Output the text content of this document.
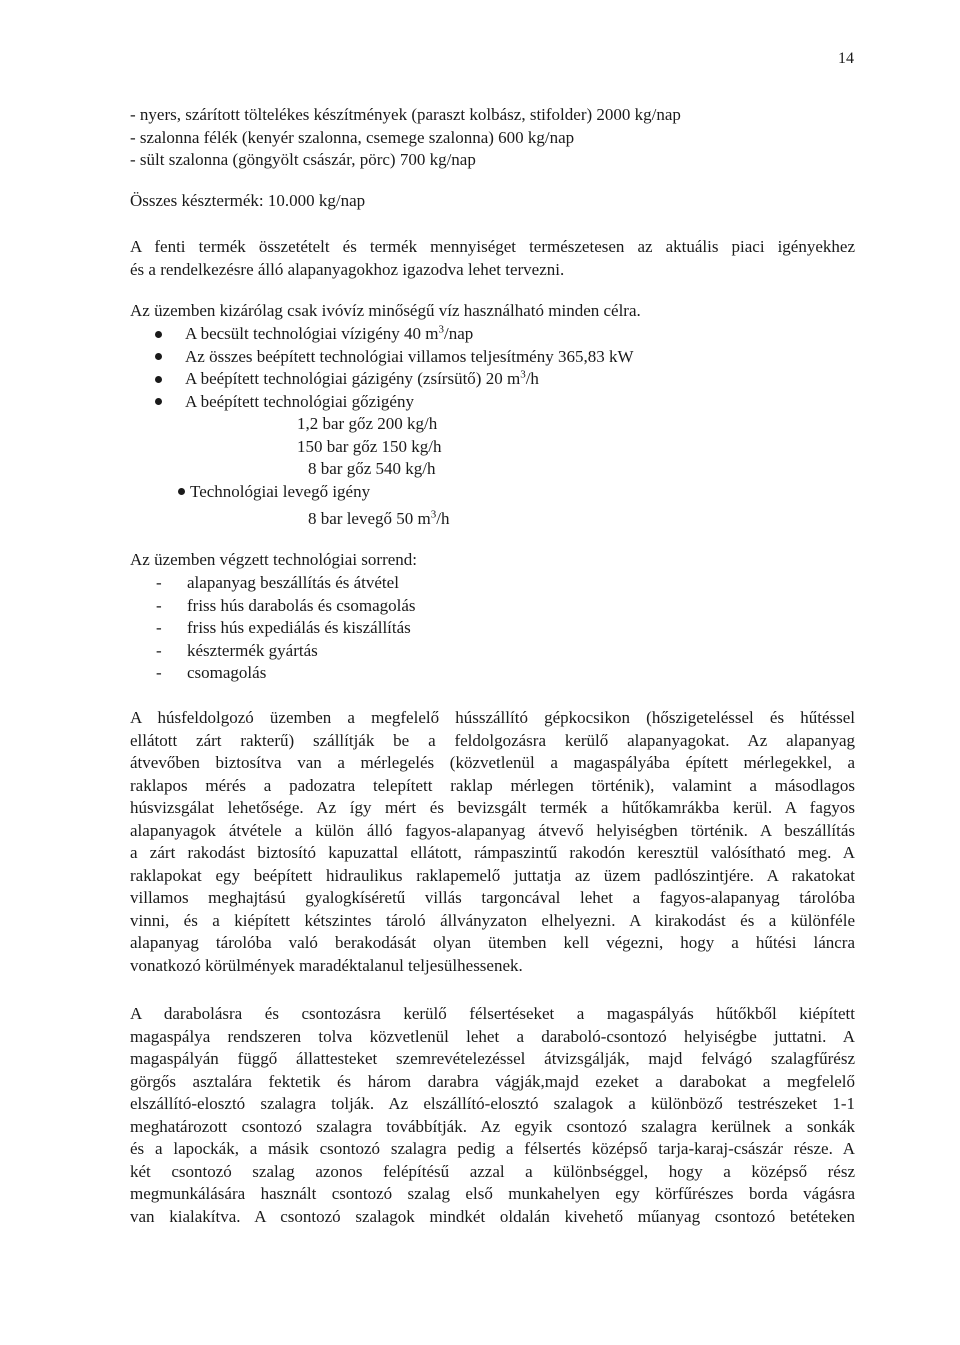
14
- nyers, szárított töltelékes készítmények (paraszt kolbász, stifolder) 2000 kg/nap
- szalonna félék (kenyér szalonna, csemege szalonna) 600 kg/nap
- sült szalonna (göngyölt császár, pörc) 700 kg/nap
Összes késztermék: 10.000 kg/nap
A fenti termék összetételt és termék mennyiséget természetesen az aktuális piaci igényekhez
és a rendelkezésre álló alapanyagokhoz igazodva lehet tervezni.
Az üzemben kizárólag csak ivóvíz minőségű víz használható minden célra.
A becsült technológiai vízigény 40 $m^3$/nap
Az összes beépített technológiai villamos teljesítmény 365,83 kW
A beépített technológiai gázigény (zsírsütő) 20 $m^3/h$
A beépített technológiai gőzigény
1,2 bar gőz 200 kg/h
150 bar gőz 150 kg/h
8 bar gőz 540 kg/h
Technológiai levegő igény
8 bar levegő 50 $m^3/h$
Az üzemben végzett technológiai sorrend:
- alapanyag beszállítás és átvétel
- friss hús darabolás és csomagolás
- friss hús expediálás és kiszállítás
- késztermék gyártás
- csomagolás
A húsfeldolgozó üzemben a megfelelő hússzállító gépkocsikon (hőszigeteléssel és hűtéssel
ellátott zárt rakterű) szállítják be a feldolgozásra kerülő alapanyagokat. Az alapanyag
átvevőben biztosítva van a mérlegelés (közvetlenül a magaspályába épített mérlegekkel, a
raklapos mérés a padozatra telepített raklap mérlegen történik), valamint a másodlagos
húsvizsgálat lehetősége. Az így mért és bevizsgált termék a hűtőkamrákba kerül. A fagyos
alapanyagok átvétele a külön álló fagyos-alapanyag átvevő helyiségben történik. A beszállítás
a zárt rakodást biztosító kapuzattal ellátott, rámpaszintű rakodón keresztül valósítható meg. A
raklapokat egy beépített hidraulikus raklapemelő juttatja az üzem padlószintjére. A rakatokat
villamos meghajtású gyalogkíséretű villás targoncával lehet a fagyos-alapanyag tárolóba
vinni, és a kiépített kétszintes tároló állványzaton elhelyezni. A kirakodást és a különféle
alapanyag tárolóba való berakodását olyan ütemben kell végezni, hogy a hűtési láncra
vonatkozó körülmények maradéktalanul teljesülhessenek.
A darabolásra és csontozásra kerülő félsertéseket a magaspályás hűtőkből kiépített
magaspálya rendszeren tolva közvetlenül lehet a daraboló-csontozó helyiségbe juttatni. A
magaspályán függő állattesteket szemrevételezéssel átvizsgálják, majd felvágó szalagfűrész
görgős asztalára fektetik és három darabra vágják,majd ezeket a darabokat a megfelelő
elszállító-elosztó szalagra tolják. Az elszállító-elosztó szalagok a különböző testrészeket 1-1
meghatározott csontozó szalagra továbbítják. Az egyik csontozó szalagra kerülnek a sonkák
és a lapockák, a másik csontozó szalagra pedig a félsertés középső tarja-karaj-császár része. A
két csontozó szalag azonos felépítésű azzal a különbséggel, hogy a középső rész
megmunkálására használt csontozó szalag első munkahelyen egy körfűrészes borda vágásra
van kialakítva. A csontozó szalagok mindkét oldalán kivehető műanyag csontozó betéteken
